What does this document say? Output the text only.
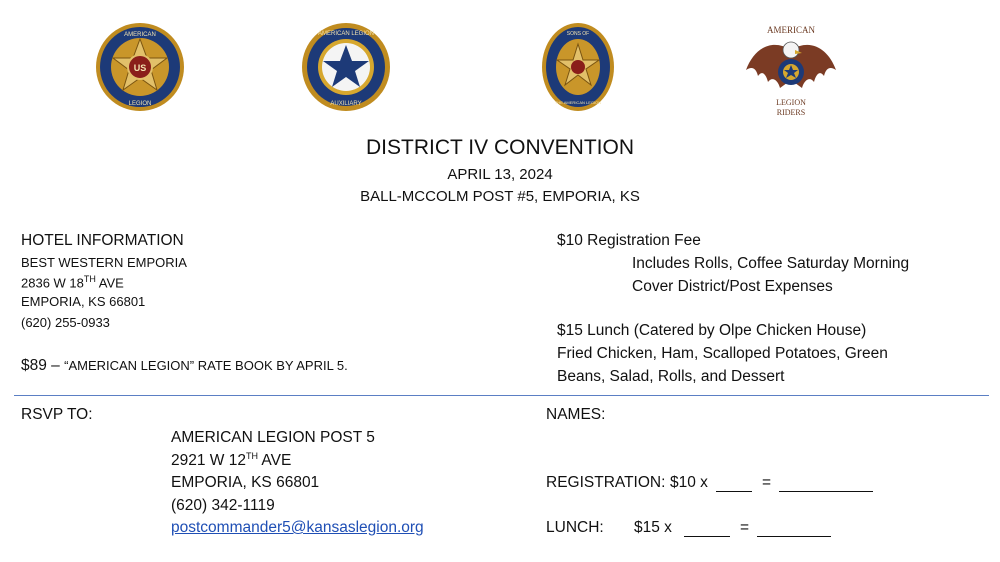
US
AMERICAN
LEGION
AMERICAN LEGION
AUXILIARY
SONS OF
THE AMERICAN LEGION
AMERICAN
LEGION
RIDERS
DISTRICT IV CONVENTION
APRIL 13, 2024
BALL-MCCOLM POST #5, EMPORIA, KS
HOTEL INFORMATION
BEST WESTERN EMPORIA
2836 W 18TH AVE
EMPORIA, KS 66801
(620) 255-0933
$89 – “AMERICAN LEGION” RATE BOOK BY APRIL 5.
$10 Registration Fee
Includes Rolls, Coffee Saturday Morning
Cover District/Post Expenses
$15 Lunch (Catered by Olpe Chicken House)
Fried Chicken, Ham, Scalloped Potatoes, Green
Beans, Salad, Rolls, and Dessert
RSVP TO:
AMERICAN LEGION POST 5
2921 W 12TH AVE
EMPORIA, KS 66801
(620) 342-1119
postcommander5@kansaslegion.org
NAMES:
REGISTRATION: $10 x	=
LUNCH: $15 x	=
